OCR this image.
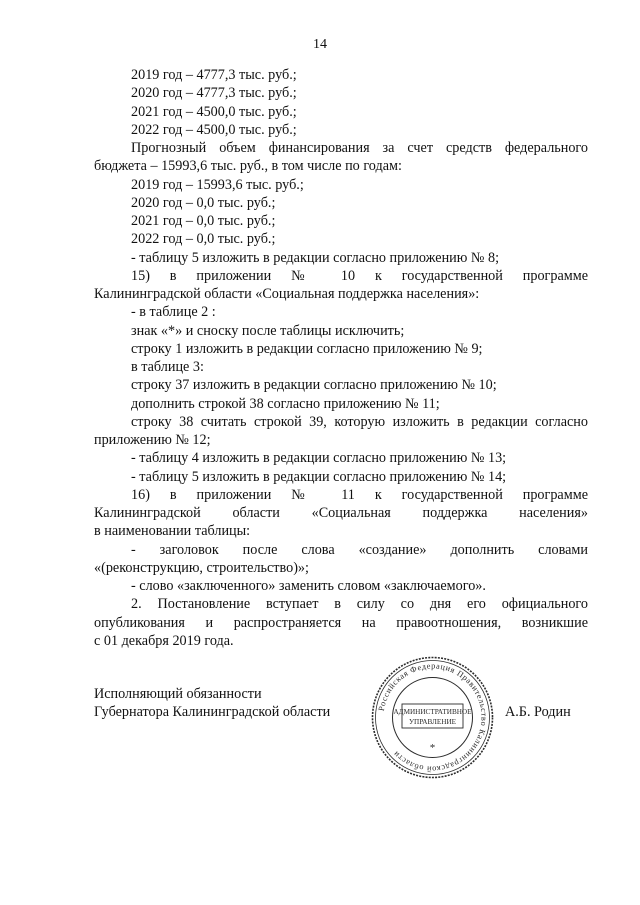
14

2019 год – 4777,3 тыс. руб.;

2020 год – 4777,3 тыс. руб.;

2021 год – 4500,0 тыс. руб.;

2022 год – 4500,0 тыс. руб.;

Прогнозный объем финансирования за счет средств федерального

бюджета – 15993,6 тыс. руб., в том числе по годам:

2019 год – 15993,6 тыс. руб.;

2020 год – 0,0 тыс. руб.;

2021 год – 0,0 тыс. руб.;

2022 год – 0,0 тыс. руб.;

- таблицу 5 изложить в редакции согласно приложению № 8;

15) в приложении № 10 к государственной программе

Калининградской области «Социальная поддержка населения»:

- в таблице 2 :

знак «*» и сноску после таблицы исключить;

строку 1 изложить в редакции согласно приложению № 9;

в таблице 3:

строку 37 изложить в редакции согласно приложению № 10;

дополнить строкой 38 согласно приложению № 11;

строку 38 считать строкой 39, которую изложить в редакции согласно

приложению № 12;

- таблицу 4 изложить в редакции согласно приложению № 13;

- таблицу 5 изложить в редакции согласно приложению № 14;

16) в приложении № 11 к государственной программе

Калининградской области «Социальная поддержка населения»

в наименовании таблицы:

- заголовок после слова «создание» дополнить словами

«(реконструкцию, строительство)»;

- слово «заключенного» заменить словом «заключаемого».

2. Постановление вступает в силу со дня его официального

опубликования и распространяется на правоотношения, возникшие

с 01 декабря 2019 года.

Исполняющий обязанности
Губернатора Калининградской области	А.Б. Родин
Российская Федерация Правительство Калининградской области
АДМИНИСТРАТИВНОЕ
УПРАВЛЕНИЕ
*
